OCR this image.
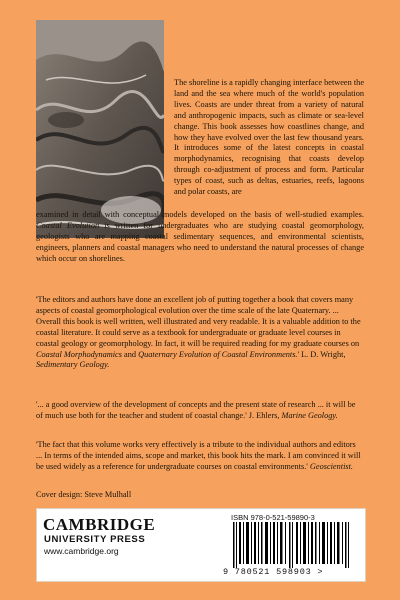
The shoreline is a rapidly changing interface between the land and the sea where much of the world's population lives. Coasts are under threat from a variety of natural and anthropogenic impacts, such as climate or sea-level change. This book assesses how coastlines change, and how they have evolved over the last few thousand years. It introduces some of the latest concepts in coastal morphodynamics, recognising that coasts develop through co-adjustment of process and form. Particular types of coast, such as deltas, estuaries, reefs, lagoons and polar coasts, are

examined in detail with conceptual models developed on the basis of well-studied examples. Coastal Evolution is written for undergraduates who are studying coastal geomorphology, geologists who are mapping coastal sedimentary sequences, and environmental scientists, engineers, planners and coastal managers who need to understand the natural processes of change which occur on shorelines.

'The editors and authors have done an excellent job of putting together a book that covers many aspects of coastal geomorphological evolution over the time scale of the late Quaternary. ... Overall this book is well written, well illustrated and very readable. It is a valuable addition to the coastal literature. It could serve as a textbook for undergraduate or graduate level courses in coastal geology or geomorphology. In fact, it will be required reading for my graduate courses on Coastal Morphodynamics and Quaternary Evolution of Coastal Environments.' L. D. Wright, Sedimentary Geology.

'... a good overview of the development of concepts and the present state of research ... it will be of much use both for the teacher and student of coastal change.' J. Ehlers, Marine Geology.

'The fact that this volume works very effectively is a tribute to the individual authors and editors ... In terms of the intended aims, scope and market, this book hits the mark. I am convinced it will be used widely as a reference for undergraduate courses on coastal environments.' Geoscientist.

Cover design: Steve Mulhall

CAMBRIDGE
UNIVERSITY PRESS
www.cambridge.org
ISBN 978-0-521-59890-3
9 780521 598903 >
